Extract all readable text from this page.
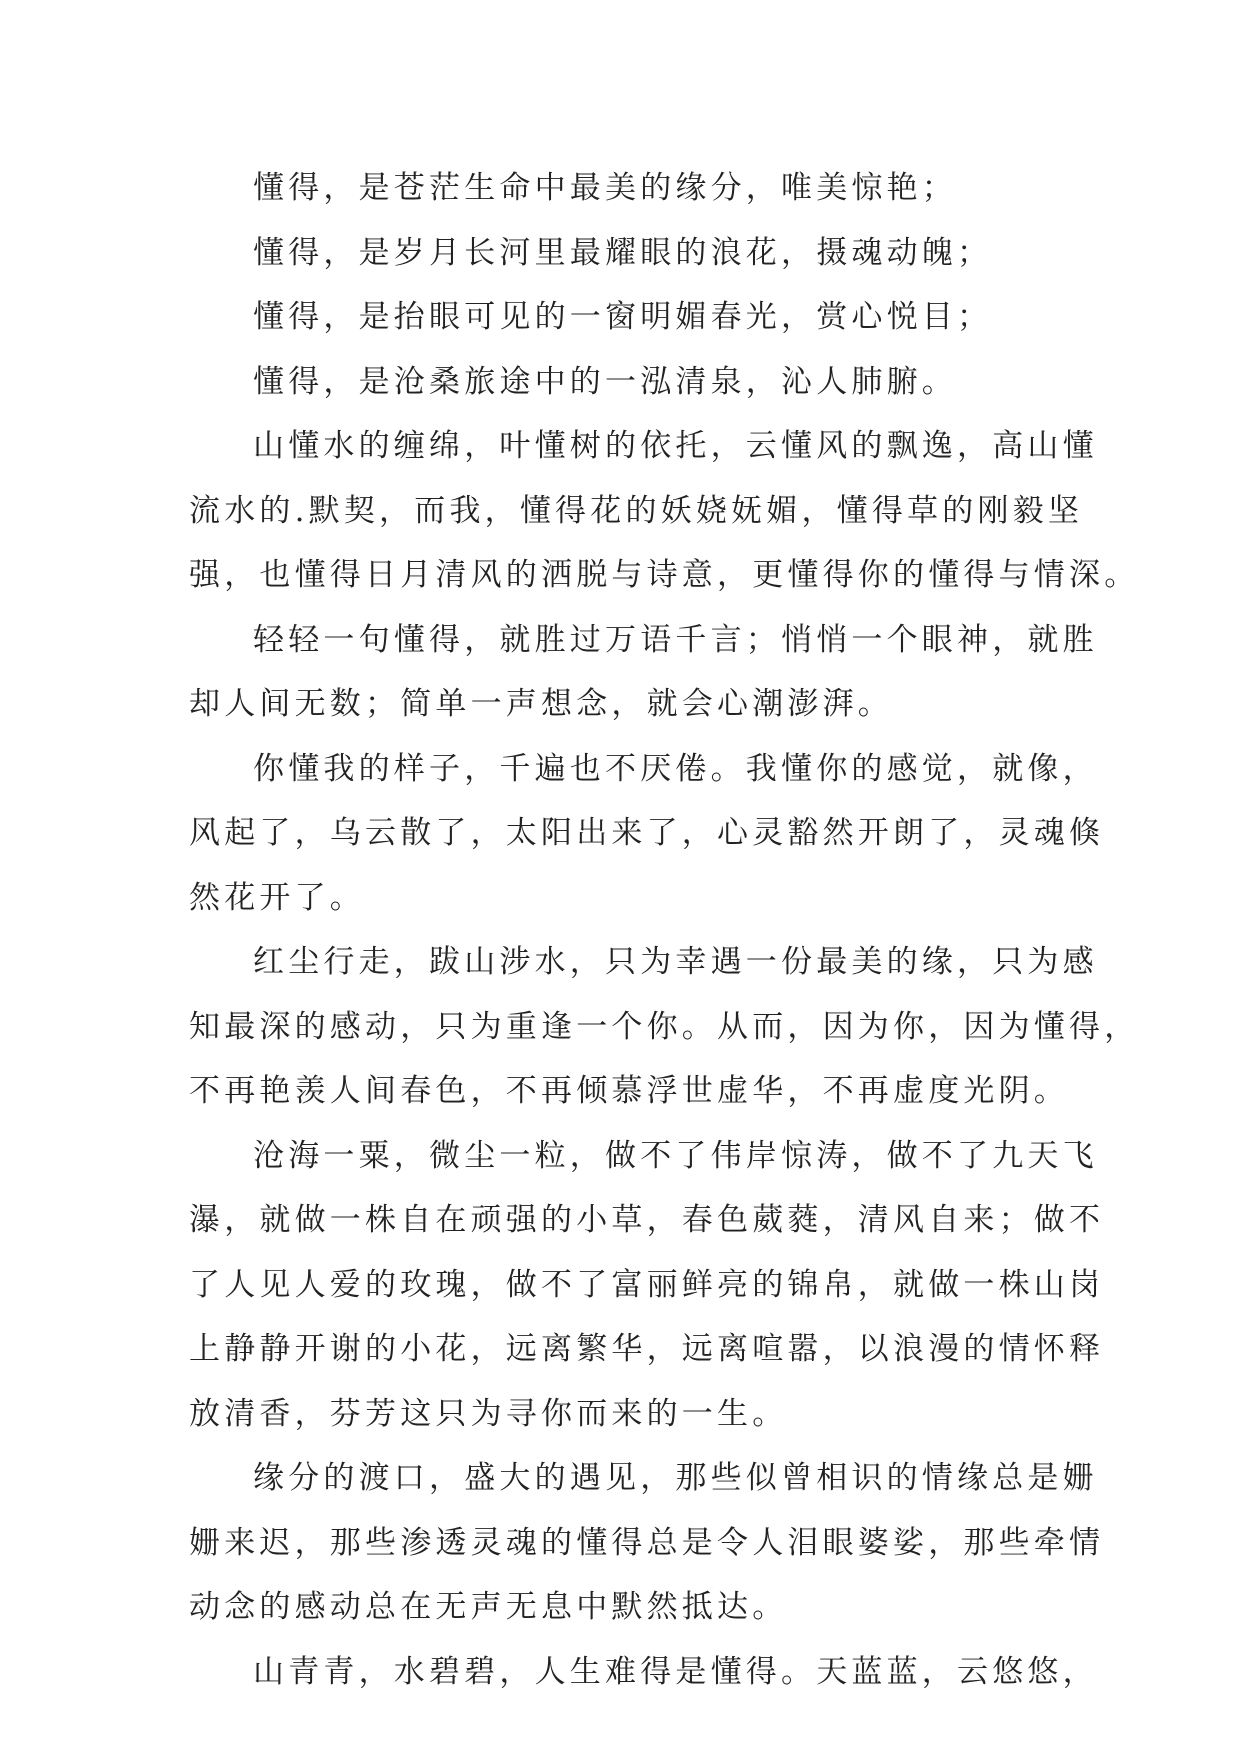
懂得，是苍茫生命中最美的缘分，唯美惊艳；
懂得，是岁月长河里最耀眼的浪花，摄魂动魄；
懂得，是抬眼可见的一窗明媚春光，赏心悦目；
懂得，是沧桑旅途中的一泓清泉，沁人肺腑。
山懂水的缠绵，叶懂树的依托，云懂风的飘逸，高山懂
流水的.默契，而我，懂得花的妖娆妩媚，懂得草的刚毅坚
强，也懂得日月清风的洒脱与诗意，更懂得你的懂得与情深。
轻轻一句懂得，就胜过万语千言；悄悄一个眼神，就胜
却人间无数；简单一声想念，就会心潮澎湃。
你懂我的样子，千遍也不厌倦。我懂你的感觉，就像，
风起了，乌云散了，太阳出来了，心灵豁然开朗了，灵魂倏
然花开了。
红尘行走，跋山涉水，只为幸遇一份最美的缘，只为感
知最深的感动，只为重逢一个你。从而，因为你，因为懂得，
不再艳羡人间春色，不再倾慕浮世虚华，不再虚度光阴。
沧海一粟，微尘一粒，做不了伟岸惊涛，做不了九天飞
瀑，就做一株自在顽强的小草，春色葳蕤，清风自来；做不
了人见人爱的玫瑰，做不了富丽鲜亮的锦帛，就做一株山岗
上静静开谢的小花，远离繁华，远离喧嚣，以浪漫的情怀释
放清香，芬芳这只为寻你而来的一生。
缘分的渡口，盛大的遇见，那些似曾相识的情缘总是姗
姗来迟，那些渗透灵魂的懂得总是令人泪眼婆娑，那些牵情
动念的感动总在无声无息中默然抵达。
山青青，水碧碧，人生难得是懂得。天蓝蓝，云悠悠，
